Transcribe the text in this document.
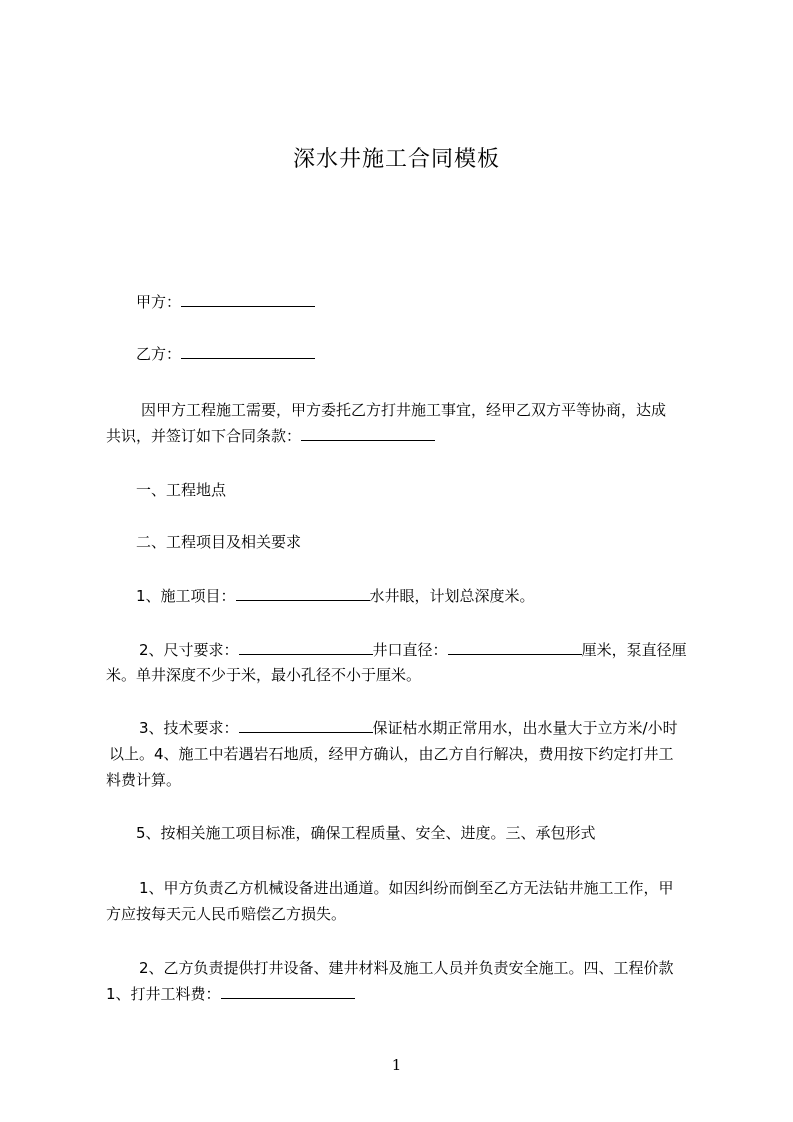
深水井施工合同模板
甲方：
乙方：
因甲方工程施工需要，甲方委托乙方打井施工事宜，经甲乙双方平等协商，达成
共识，并签订如下合同条款：
一、工程地点
二、工程项目及相关要求
1、施工项目：	水井眼，计划总深度米。
2、尺寸要求：	井口直径：	厘米，泵直径厘
米。单井深度不少于米，最小孔径不小于厘米。
3、技术要求：	保证枯水期正常用水，出水量大于立方米/小时
以上。4、施工中若遇岩石地质，经甲方确认，由乙方自行解决，费用按下约定打井工
料费计算。
5、按相关施工项目标准，确保工程质量、安全、进度。三、承包形式
1、甲方负责乙方机械设备进出通道。如因纠纷而倒至乙方无法钻井施工工作，甲
方应按每天元人民币赔偿乙方损失。
2、乙方负责提供打井设备、建井材料及施工人员并负责安全施工。四、工程价款
1、打井工料费：
1
